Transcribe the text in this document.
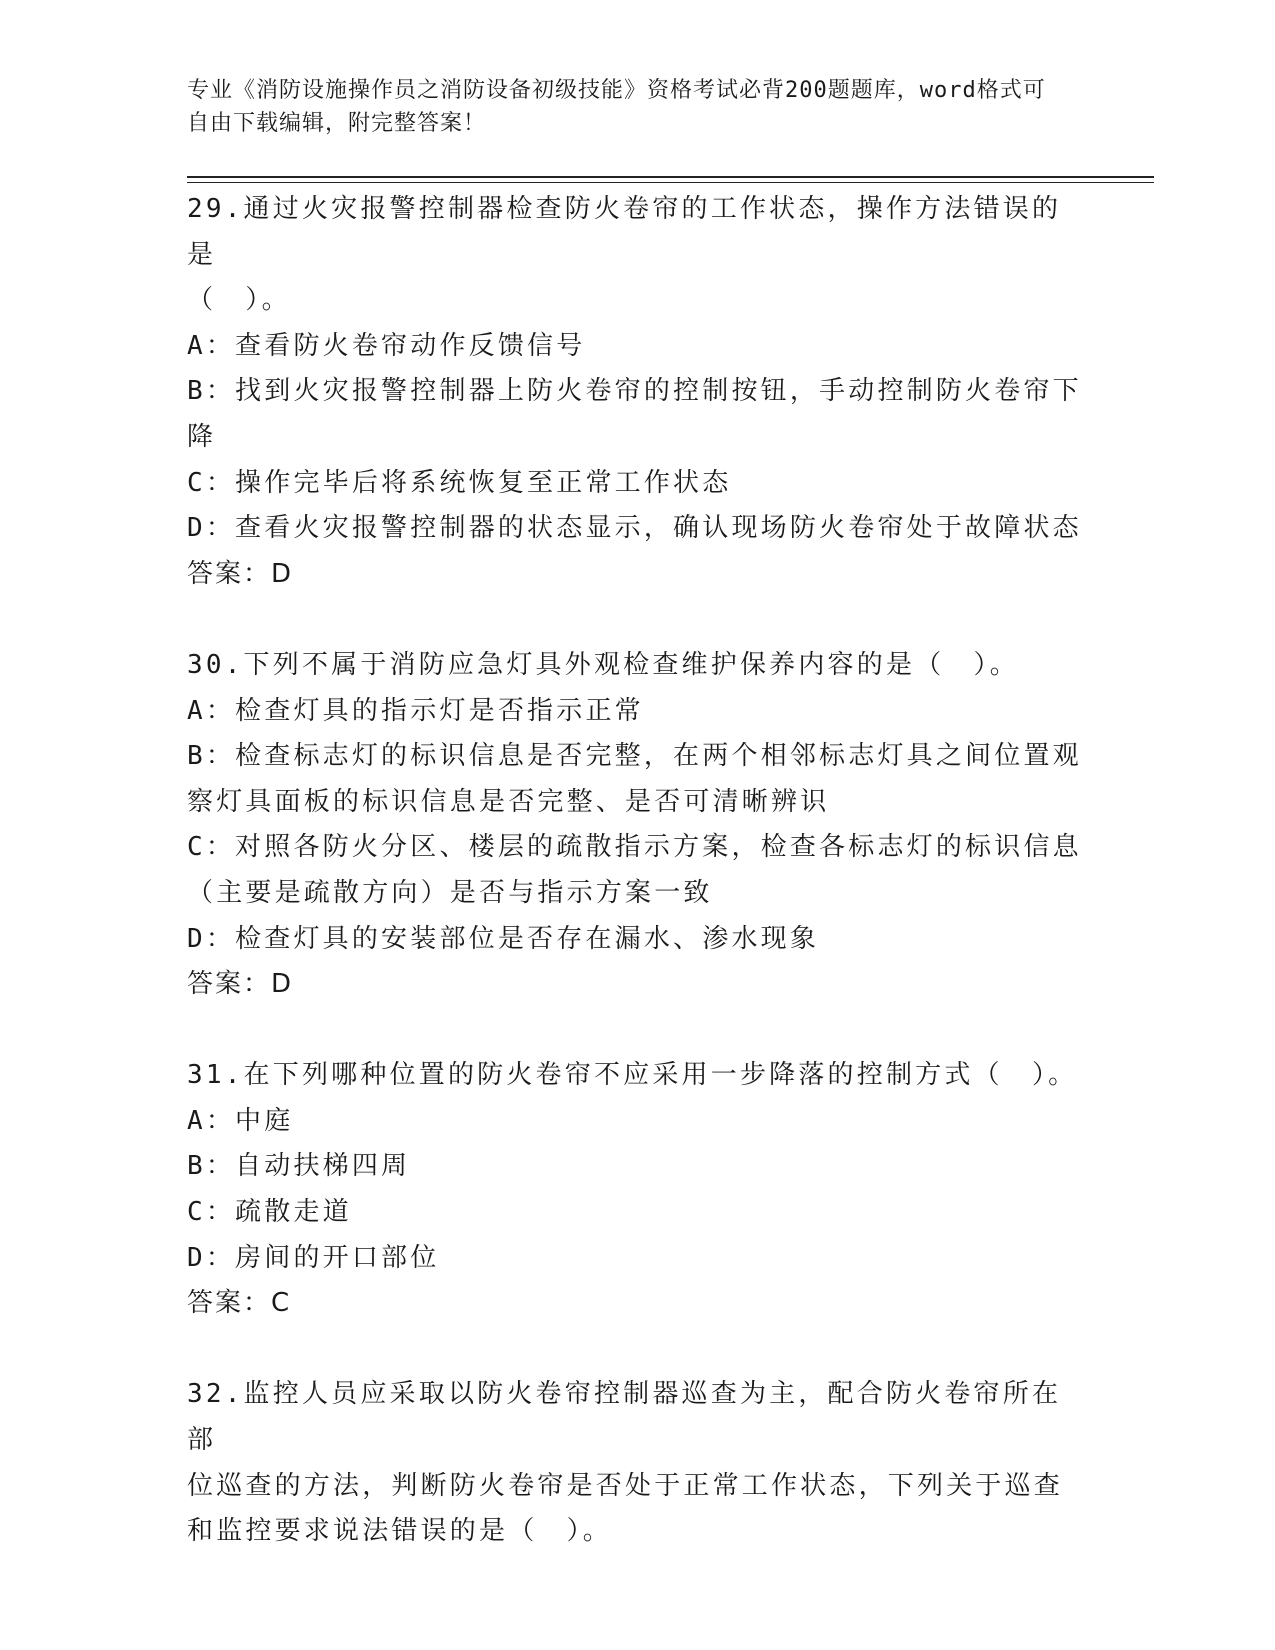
专业《消防设施操作员之消防设备初级技能》资格考试必背200题题库，word格式可自由下载编辑，附完整答案！

29.通过火灾报警控制器检查防火卷帘的工作状态，操作方法错误的是

（　）。

A：查看防火卷帘动作反馈信号

B：找到火灾报警控制器上防火卷帘的控制按钮，手动控制防火卷帘下

降

C：操作完毕后将系统恢复至正常工作状态

D：查看火灾报警控制器的状态显示，确认现场防火卷帘处于故障状态

答案：D

30.下列不属于消防应急灯具外观检查维护保养内容的是（　）。

A：检查灯具的指示灯是否指示正常

B：检查标志灯的标识信息是否完整，在两个相邻标志灯具之间位置观

察灯具面板的标识信息是否完整、是否可清晰辨识

C：对照各防火分区、楼层的疏散指示方案，检查各标志灯的标识信息

（主要是疏散方向）是否与指示方案一致

D：检查灯具的安装部位是否存在漏水、渗水现象

答案：D

31.在下列哪种位置的防火卷帘不应采用一步降落的控制方式（　）。

A：中庭

B：自动扶梯四周

C：疏散走道

D：房间的开口部位

答案：C

32.监控人员应采取以防火卷帘控制器巡查为主，配合防火卷帘所在部

位巡查的方法，判断防火卷帘是否处于正常工作状态，下列关于巡查

和监控要求说法错误的是（　）。
